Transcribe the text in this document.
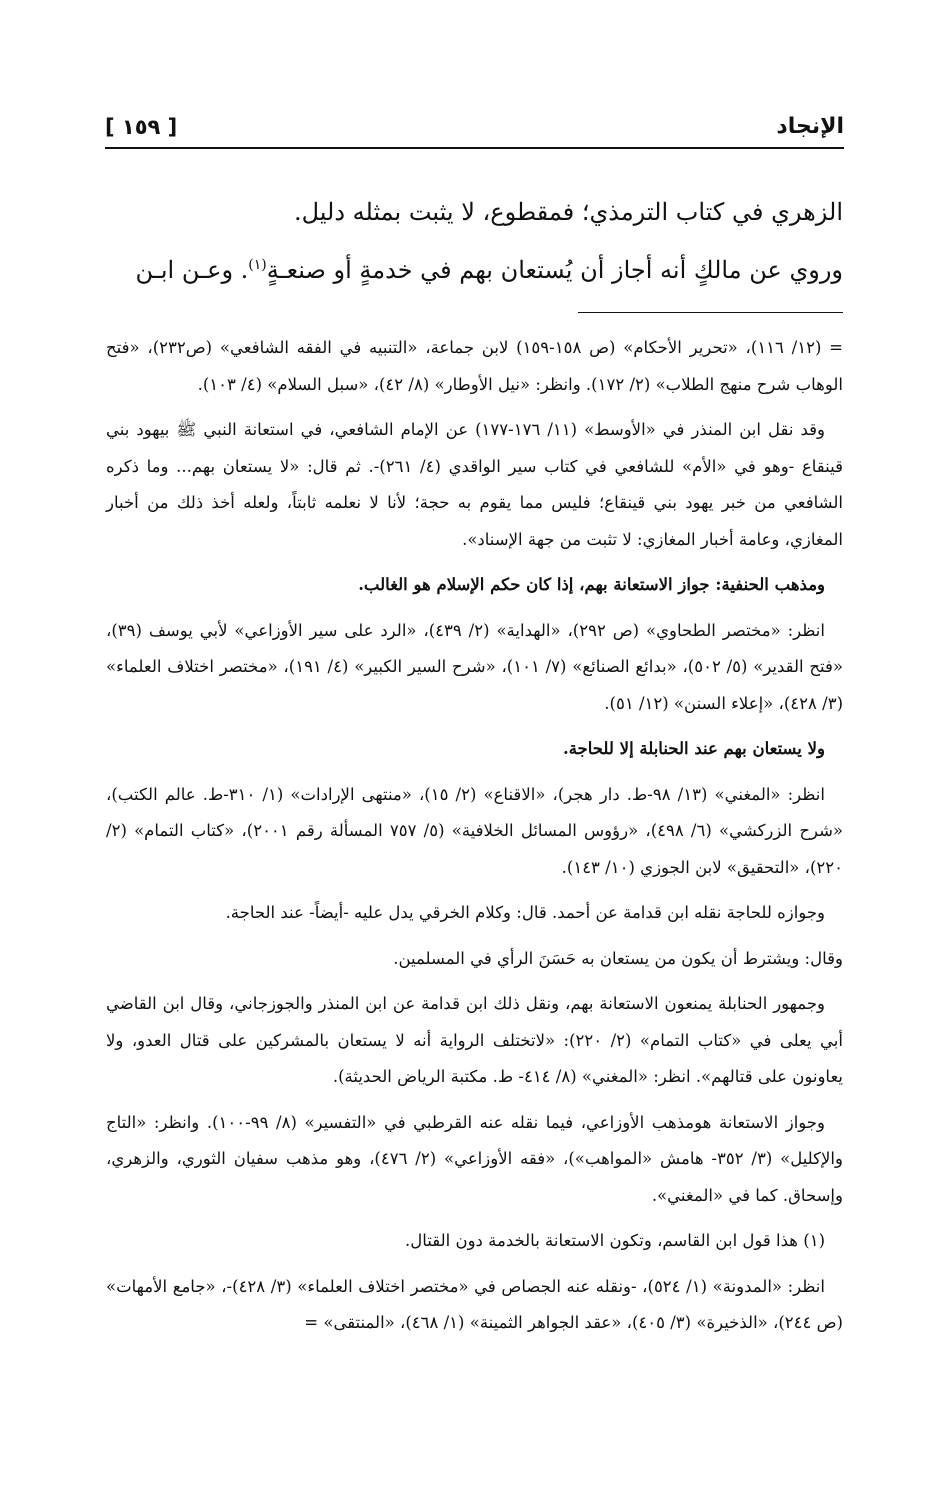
[ ١٥٩ ]	الإنجاد

الزهري في كتاب الترمذي؛ فمقطوع، لا يثبت بمثله دليل.

وروي عن مالكٍ أنه أجاز أن يُستعان بهم في خدمةٍ أو صنعـةٍ$^{(١)}$. وعـن ابـن

= (١٢/ ١١٦)، «تحرير الأحكام» (ص ١٥٨-١٥٩) لابن جماعة، «التنبيه في الفقه الشافعي» (ص٢٣٢)، «فتح الوهاب شرح منهج الطلاب» (٢/ ١٧٢). وانظر: «نيل الأوطار» (٨/ ٤٢)، «سبل السلام» (٤/ ١٠٣).

وقد نقل ابن المنذر في «الأوسط» (١١/ ١٧٦-١٧٧) عن الإمام الشافعي، في استعانة النبي ﷺ بيهود بني قينقاع -وهو في «الأم» للشافعي في كتاب سير الواقدي (٤/ ٢٦١)-. ثم قال: «لا يستعان بهم... وما ذكره الشافعي من خبر يهود بني قينقاع؛ فليس مما يقوم به حجة؛ لأنا لا نعلمه ثابتاً، ولعله أخذ ذلك من أخبار المغازي، وعامة أخبار المغازي: لا تثبت من جهة الإسناد».

ومذهب الحنفية: جواز الاستعانة بهم، إذا كان حكم الإسلام هو الغالب.

انظر: «مختصر الطحاوي» (ص ٢٩٢)، «الهداية» (٢/ ٤٣٩)، «الرد على سير الأوزاعي» لأبي يوسف (٣٩)، «فتح القدير» (٥/ ٥٠٢)، «بدائع الصنائع» (٧/ ١٠١)، «شرح السير الكبير» (٤/ ١٩١)، «مختصر اختلاف العلماء» (٣/ ٤٢٨)، «إعلاء السنن» (١٢/ ٥١).

ولا يستعان بهم عند الحنابلة إلا للحاجة.

انظر: «المغني» (١٣/ ٩٨-ط. دار هجر)، «الاقناع» (٢/ ١٥)، «منتهى الإرادات» (١/ ٣١٠-ط. عالم الكتب)، «شرح الزركشي» (٦/ ٤٩٨)، «رؤوس المسائل الخلافية» (٥/ ٧٥٧ المسألة رقم ٢٠٠١)، «كتاب التمام» (٢/ ٢٢٠)، «التحقيق» لابن الجوزي (١٠/ ١٤٣).

وجوازه للحاجة نقله ابن قدامة عن أحمد. قال: وكلام الخرقي يدل عليه -أيضاً- عند الحاجة.

وقال: ويشترط أن يكون من يستعان به حَسَنَ الرأي في المسلمين.

وجمهور الحنابلة يمنعون الاستعانة بهم، ونقل ذلك ابن قدامة عن ابن المنذر والجوزجاني، وقال ابن القاضي أبي يعلى في «كتاب التمام» (٢/ ٢٢٠): «لاتختلف الرواية أنه لا يستعان بالمشركين على قتال العدو، ولا يعاونون على قتالهم». انظر: «المغني» (٨/ ٤١٤- ط. مكتبة الرياض الحديثة).

وجواز الاستعانة هومذهب الأوزاعي، فيما نقله عنه القرطبي في «التفسير» (٨/ ٩٩-١٠٠). وانظر: «التاج والإكليل» (٣/ ٣٥٢- هامش «المواهب»)، «فقه الأوزاعي» (٢/ ٤٧٦)، وهو مذهب سفيان الثوري، والزهري، وإسحاق. كما في «المغني».

(١) هذا قول ابن القاسم، وتكون الاستعانة بالخدمة دون القتال.

انظر: «المدونة» (١/ ٥٢٤)، -ونقله عنه الجصاص في «مختصر اختلاف العلماء» (٣/ ٤٢٨)-، «جامع الأمهات» (ص ٢٤٤)، «الذخيرة» (٣/ ٤٠٥)، «عقد الجواهر الثمينة» (١/ ٤٦٨)، «المنتقى» =
